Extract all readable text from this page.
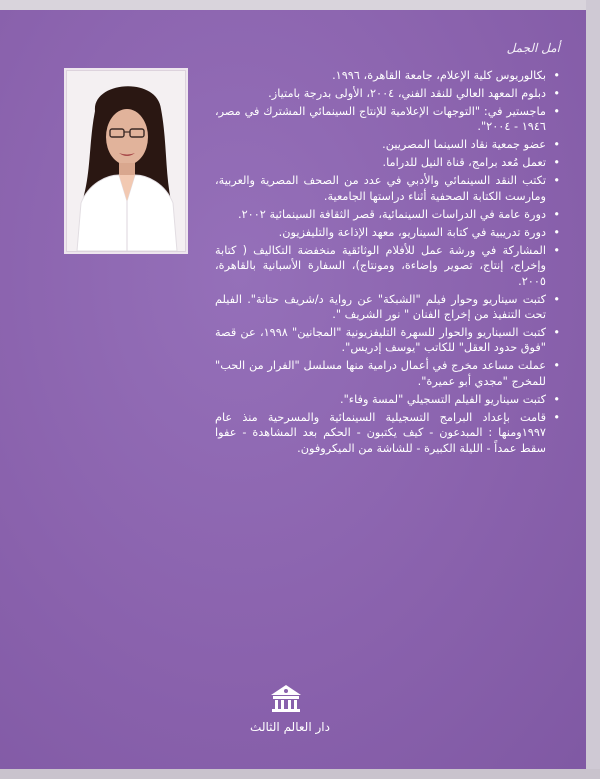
أمل الجمل
• بكالوريوس كلية الإعلام، جامعة القاهرة، ١٩٩٦.
• دبلوم المعهد العالي للنقد الفني، ٢٠٠٤، الأولى بدرجة بامتياز.
• ماجستير في: "التوجهات الإعلامية للإنتاج السينمائي المشترك في مصر، ١٩٤٦ - ٢٠٠٤".
• عضو جمعية نقاد السينما المصريين.
• تعمل مُعد برامج، قناة النيل للدراما.
• تكتب النقد السينمائي والأدبي في عدد من الصحف المصرية والعربية، ومارست الكتابة الصحفية أثناء دراستها الجامعية.
• دورة عامة في الدراسات السينمائية، قصر الثقافة السينمائية ٢٠٠٢.
• دورة تدريبية في كتابة السيناريو، معهد الإذاعة والتليفزيون.
• المشاركة في ورشة عمل للأفلام الوثائقية منخفضة التكاليف ( كتابة وإخراج، إنتاج، تصوير وإضاءة، ومونتاج)، السفارة الأسبانية بالقاهرة، ٢٠٠٥.
• كتبت سيناريو وحوار فيلم "الشبكة" عن رواية د/شريف حتاتة". الفيلم تحت التنفيذ من إخراج الفنان " نور الشريف ".
• كتبت السيناريو والحوار للسهرة التليفزيونية "المجانين" ١٩٩٨، عن قصة "فوق حدود العقل" للكاتب "يوسف إدريس".
• عملت مساعد مخرج في أعمال درامية منها مسلسل "الفرار من الحب" للمخرج "مجدي أبو عميرة".
• كتبت سيناريو الفيلم التسجيلي "لمسة وفاء".
• قامت بإعداد البرامج التسجيلية السينمائية والمسرحية منذ عام ١٩٩٧ومنها : المبدعون - كيف يكتبون - الحكم بعد المشاهدة - عفوا سقط عمداً - الليلة الكبيرة - للشاشة من الميكروفون.
دار العالم الثالث
